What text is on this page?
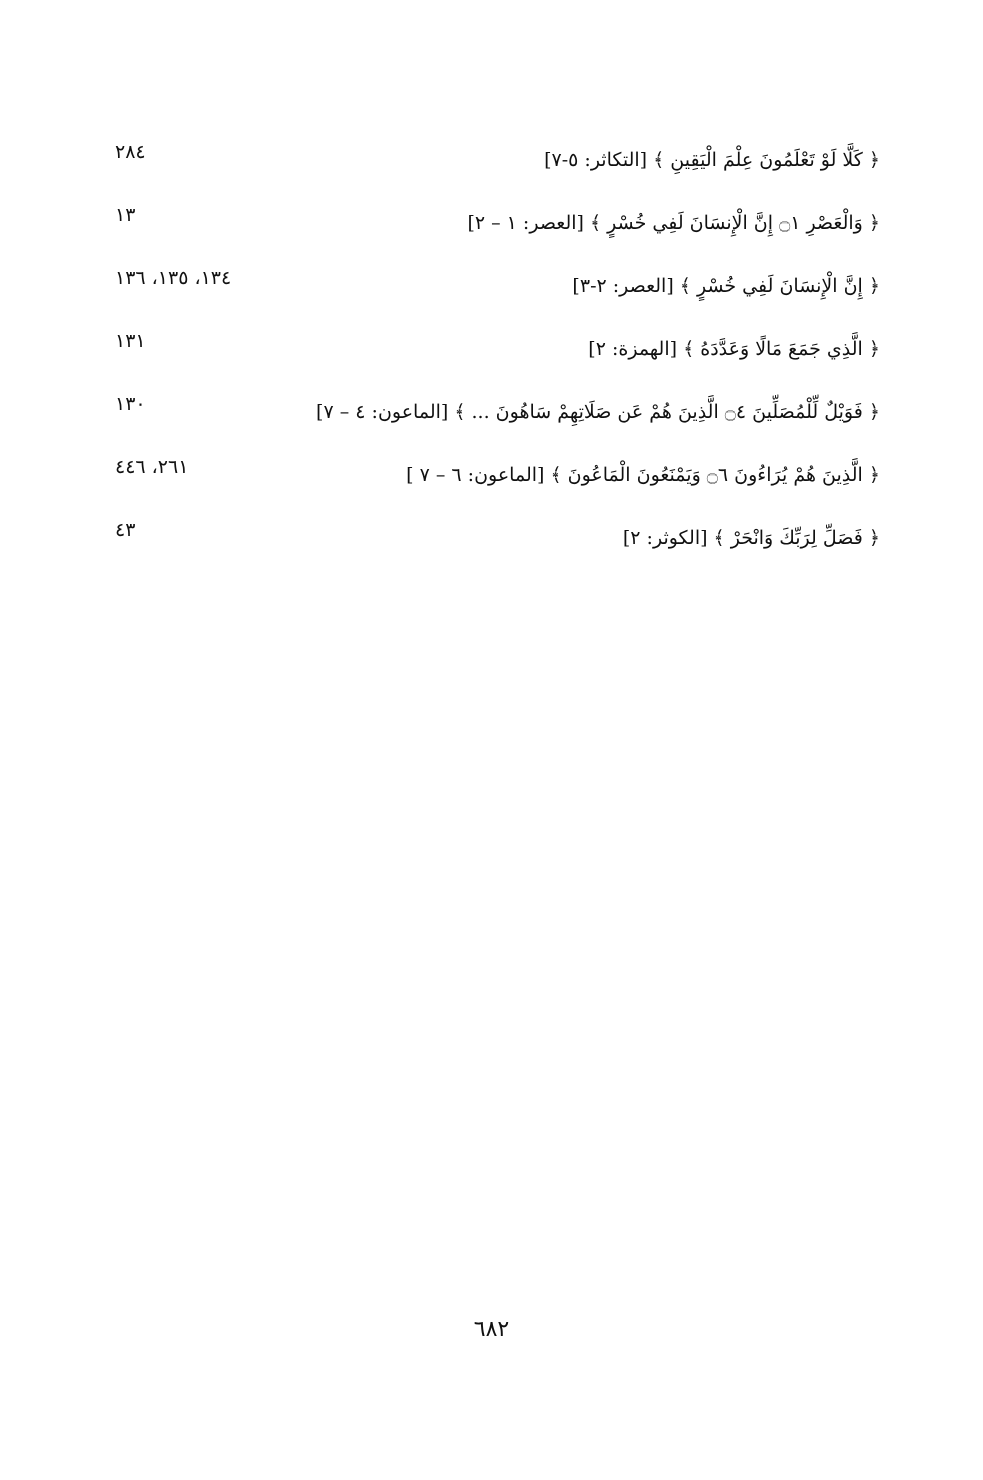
﴿ كَلَّا لَوْ تَعْلَمُونَ عِلْمَ الْيَقِينِ ﴾ [التكاثر: ٥-٧]
٢٨٤
﴿ وَالْعَصْرِ ۝١ إِنَّ الْإِنسَانَ لَفِي خُسْرٍ ﴾ [العصر: ١ – ٢]
١٣
﴿ إِنَّ الْإِنسَانَ لَفِي خُسْرٍ ﴾ [العصر: ٢-٣]
١٣٤، ١٣٥، ١٣٦
﴿ الَّذِي جَمَعَ مَالًا وَعَدَّدَهُ ﴾ [الهمزة: ٢]
١٣١
﴿ فَوَيْلٌ لِّلْمُصَلِّينَ ۝٤ الَّذِينَ هُمْ عَن صَلَاتِهِمْ سَاهُونَ ... ﴾ [الماعون: ٤ – ٧]
١٣٠
﴿ الَّذِينَ هُمْ يُرَاءُونَ ۝٦ وَيَمْنَعُونَ الْمَاعُونَ ﴾ [الماعون: ٦ – ٧ ]
٢٦١، ٤٤٦
﴿ فَصَلِّ لِرَبِّكَ وَانْحَرْ ﴾ [الكوثر: ٢]
٤٣
٦٨٢
